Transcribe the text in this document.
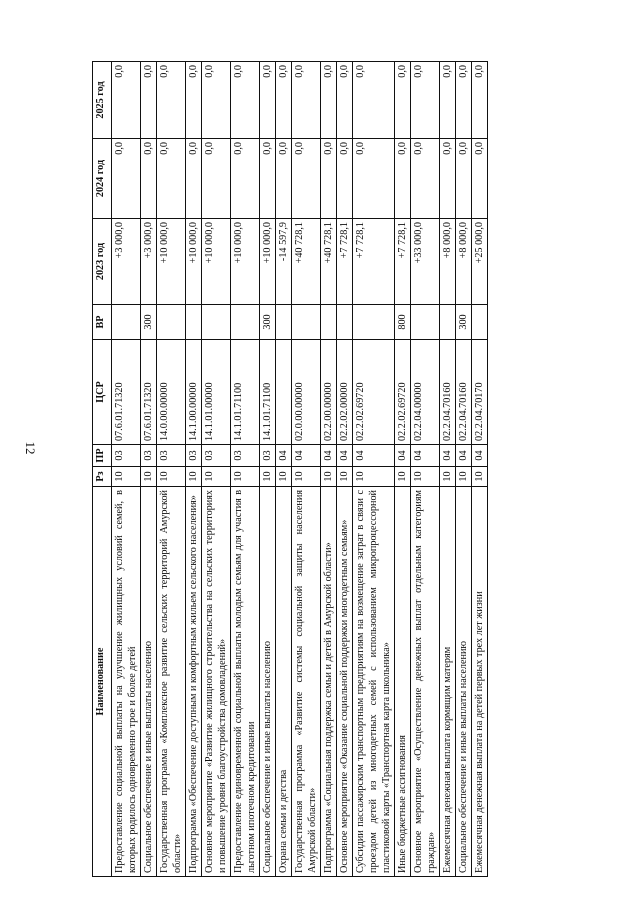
12
Наименование	Рз	ПР	ЦСР	ВР	2023 год	2024 год	2025 год
Предоставление социальной выплаты на улучшение жилищных условий семей, в которых родилось одновременно трое и более детей	10	03	07.6.01.71320		+3 000,0	0,0	0,0
Социальное обеспечение и иные выплаты населению	10	03	07.6.01.71320	300	+3 000,0	0,0	0,0
Государственная программа «Комплексное развитие сельских территорий Амурской области»	10	03	14.0.00.00000		+10 000,0	0,0	0,0
Подпрограмма «Обеспечение доступным и комфортным жильем сельского населения»	10	03	14.1.00.00000		+10 000,0	0,0	0,0
Основное мероприятие «Развитие жилищного строительства на сельских территориях и повышение уровня благоустройства домовладений»	10	03	14.1.01.00000		+10 000,0	0,0	0,0
Предоставление единовременной социальной выплаты молодым семьям для участия в льготном ипотечном кредитовании	10	03	14.1.01.71100		+10 000,0	0,0	0,0
Социальное обеспечение и иные выплаты населению	10	03	14.1.01.71100	300	+10 000,0	0,0	0,0
Охрана семьи и детства	10	04			-14 597,9	0,0	0,0
Государственная программа «Развитие системы социальной защиты населения Амурской области»	10	04	02.0.00.00000		+40 728,1	0,0	0,0
Подпрограмма «Социальная поддержка семьи и детей в Амурской области»	10	04	02.2.00.00000		+40 728,1	0,0	0,0
Основное мероприятие «Оказание социальной поддержки многодетным семьям»	10	04	02.2.02.00000		+7 728,1	0,0	0,0
Субсидии пассажирским транспортным предприятиям на возмещение затрат в связи с проездом детей из многодетных семей с использованием микропроцессорной пластиковой карты «Транспортная карта школьника»	10	04	02.2.02.69720		+7 728,1	0,0	0,0
Иные бюджетные ассигнования	10	04	02.2.02.69720	800	+7 728,1	0,0	0,0
Основное мероприятие «Осуществление денежных выплат отдельным категориям граждан»	10	04	02.2.04.00000		+33 000,0	0,0	0,0
Ежемесячная денежная выплата кормящим матерям	10	04	02.2.04.70160		+8 000,0	0,0	0,0
Социальное обеспечение и иные выплаты населению	10	04	02.2.04.70160	300	+8 000,0	0,0	0,0
Ежемесячная денежная выплата на детей первых трех лет жизни	10	04	02.2.04.70170		+25 000,0	0,0	0,0
